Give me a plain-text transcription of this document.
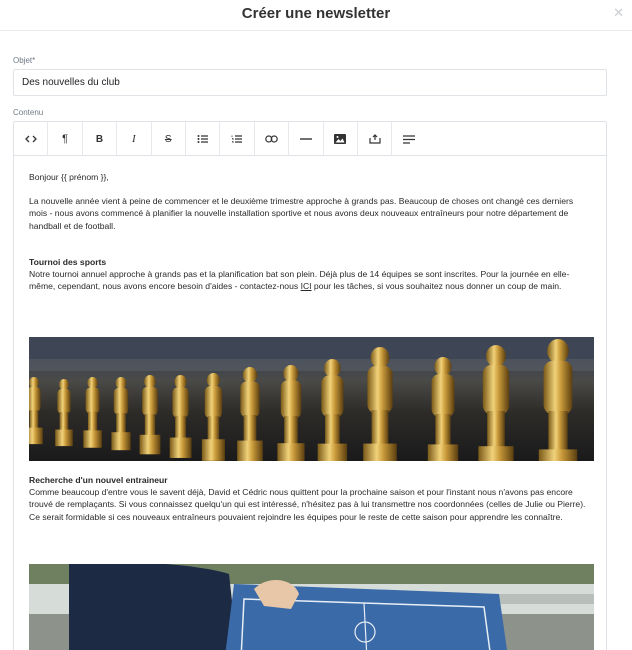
Créer une newsletter	✕
Objet*
Des nouvelles du club
Contenu
¶	B	I	S

Bonjour {{ prénom }},

La nouvelle année vient à peine de commencer et le deuxième trimestre approche à grands pas. Beaucoup de choses ont changé ces derniers mois - nous avons commencé à planifier la nouvelle installation sportive et nous avons deux nouveaux entraîneurs pour notre département de handball et de football.

Tournoi des sports

Notre tournoi annuel approche à grands pas et la planification bat son plein. Déjà plus de 14 équipes se sont inscrites. Pour la journée en elle-même, cependant, nous avons encore besoin d'aides - contactez-nous ICI pour les tâches, si vous souhaitez nous donner un coup de main.

Recherche d'un nouvel entraineur

Comme beaucoup d'entre vous le savent déjà, David et Cédric nous quittent pour la prochaine saison et pour l'instant nous n'avons pas encore trouvé de remplaçants. Si vous connaissez quelqu'un qui est intéressé, n'hésitez pas à lui transmettre nos coordonnées (celles de Julie ou Pierre). Ce serait formidable si ces nouveaux entraîneurs pouvaient rejoindre les équipes pour le reste de cette saison pour apprendre les connaître.
